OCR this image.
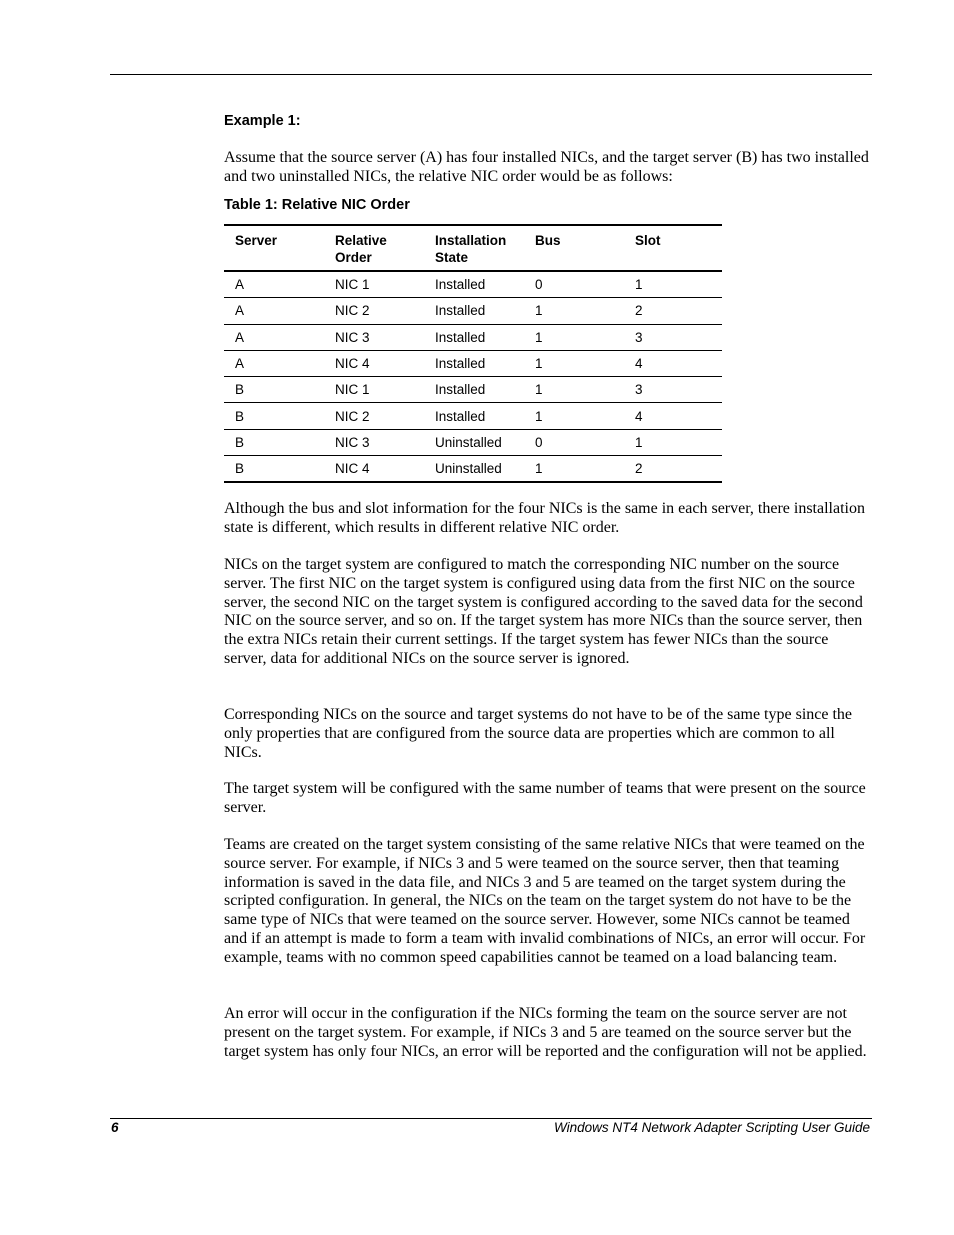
Example 1:

Assume that the source server (A) has four installed NICs, and the target server (B) has two installed and two uninstalled NICs, the relative NIC order would be as follows:

Table 1: Relative NIC Order
Server	Relative Order	Installation State	Bus	Slot
A	NIC 1	Installed	0	1
A	NIC 2	Installed	1	2
A	NIC 3	Installed	1	3
A	NIC 4	Installed	1	4
B	NIC 1	Installed	1	3
B	NIC 2	Installed	1	4
B	NIC 3	Uninstalled	0	1
B	NIC 4	Uninstalled	1	2

Although the bus and slot information for the four NICs is the same in each server, there installation state is different, which results in different relative NIC order.

NICs on the target system are configured to match the corresponding NIC number on the source server. The first NIC on the target system is configured using data from the first NIC on the source server, the second NIC on the target system is configured according to the saved data for the second NIC on the source server, and so on. If the target system has more NICs than the source server, then the extra NICs retain their current settings. If the target system has fewer NICs than the source server, data for additional NICs on the source server is ignored.

Corresponding NICs on the source and target systems do not have to be of the same type since the only properties that are configured from the source data are properties which are common to all NICs.

The target system will be configured with the same number of teams that were present on the source server.

Teams are created on the target system consisting of the same relative NICs that were teamed on the source server. For example, if NICs 3 and 5 were teamed on the source server, then that teaming information is saved in the data file, and NICs 3 and 5 are teamed on the target system during the scripted configuration. In general, the NICs on the team on the target system do not have to be the same type of NICs that were teamed on the source server. However, some NICs cannot be teamed and if an attempt is made to form a team with invalid combinations of NICs, an error will occur. For example, teams with no common speed capabilities cannot be teamed on a load balancing team.

An error will occur in the configuration if the NICs forming the team on the source server are not present on the target system. For example, if NICs 3 and 5 are teamed on the source server but the target system has only four NICs, an error will be reported and the configuration will not be applied.

6	Windows NT4 Network Adapter Scripting User Guide
